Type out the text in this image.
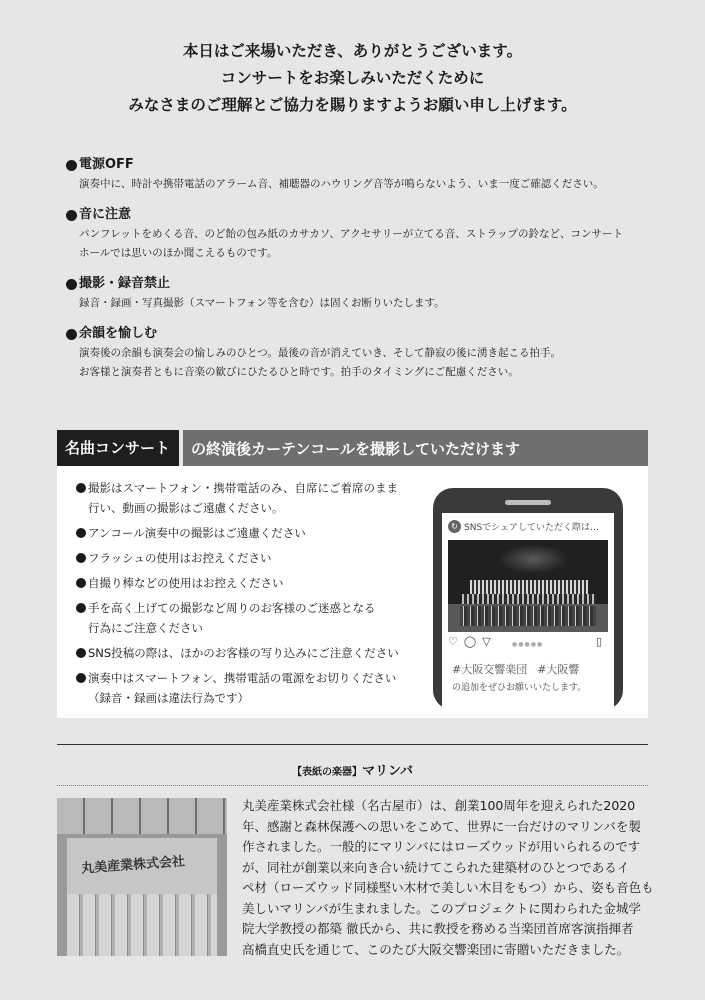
本日はご来場いただき、ありがとうございます。
コンサートをお楽しみいただくために
みなさまのご理解とご協力を賜りますようお願い申し上げます。
電源OFF
演奏中に、時計や携帯電話のアラーム音、補聴器のハウリング音等が鳴らないよう、いま一度ご確認ください。
音に注意
パンフレットをめくる音、のど飴の包み紙のカサカソ、アクセサリーが立てる音、ストラップの鈴など、コンサート
ホールでは思いのほか聞こえるものです。
撮影・録音禁止
録音・録画・写真撮影（スマートフォン等を含む）は固くお断りいたします。
余韻を愉しむ
演奏後の余韻も演奏会の愉しみのひとつ。最後の音が消えていき、そして静寂の後に湧き起こる拍手。
お客様と演奏者ともに音楽の歓びにひたるひと時です。拍手のタイミングにご配慮ください。
名曲コンサート	の終演後カーテンコールを撮影していただけます
撮影はスマートフォン・携帯電話のみ、自席にご着席のまま
行い、動画の撮影はご遠慮ください。
アンコール演奏中の撮影はご遠慮ください
フラッシュの使用はお控えください
自撮り棒などの使用はお控えください
手を高く上げての撮影など周りのお客様のご迷惑となる
行為にご注意ください
SNS投稿の際は、ほかのお客様の写り込みにご注意ください
演奏中はスマートフォン、携帯電話の電源をお切りください
（録音・録画は違法行為です）
↻ SNSでシェアしていただく際は…
♡ ◯ ▽	▯
●●●●●
#大阪交響楽団 #大阪響
の追加をぜひお願いいたします。
【表紙の楽器】マリンバ
丸美産業株式会社
丸美産業株式会社様（名古屋市）は、創業100周年を迎えられた2020
年、感謝と森林保護への思いをこめて、世界に一台だけのマリンバを製
作されました。一般的にマリンバにはローズウッドが用いられるのです
が、同社が創業以来向き合い続けてこられた建築材のひとつであるイ
ペ材（ローズウッド同様堅い木材で美しい木目をもつ）から、姿も音色も
美しいマリンバが生まれました。このプロジェクトに関わられた金城学
院大学教授の都築 徹氏から、共に教授を務める当楽団首席客演指揮者
高橋直史氏を通じて、このたび大阪交響楽団に寄贈いただきました。
